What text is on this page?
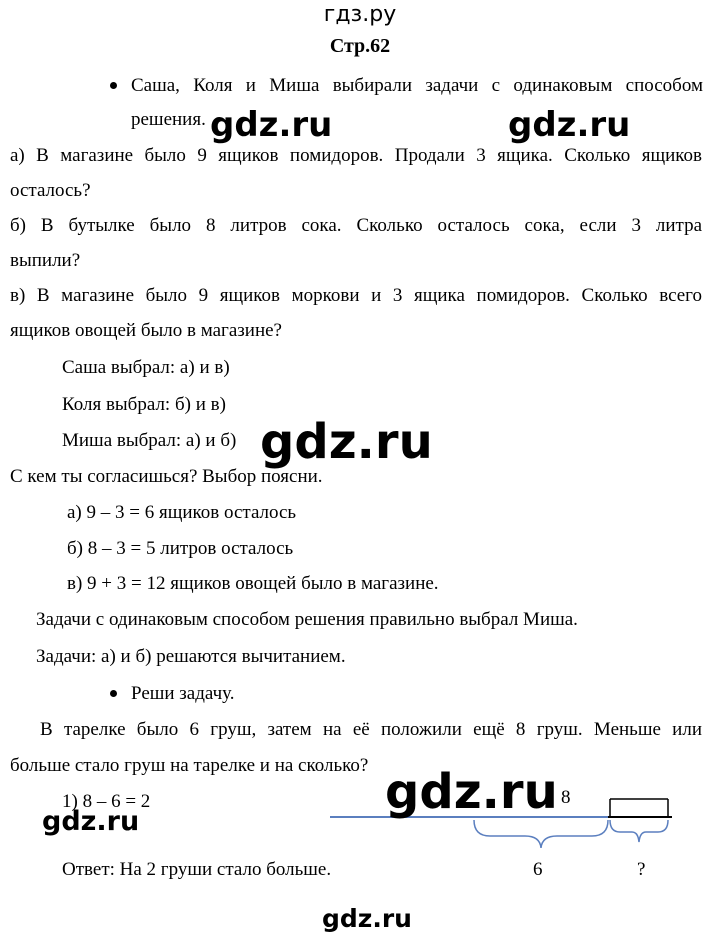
гдз.ру
Стр.62
Саша, Коля и Миша выбирали задачи с одинаковым способом
решения.
а) В магазине было 9 ящиков помидоров. Продали 3 ящика. Сколько ящиков
осталось?
б) В бутылке было 8 литров сока. Сколько осталось сока, если 3 литра
выпили?
в) В магазине было 9 ящиков моркови и 3 ящика помидоров. Сколько всего
ящиков овощей было в магазине?
Саша выбрал: а) и в)
Коля выбрал: б) и в)
Миша выбрал: а) и б)
С кем ты согласишься? Выбор поясни.
а) 9 – 3 = 6 ящиков осталось
б) 8 – 3 = 5 литров осталось
в) 9 + 3 = 12 ящиков овощей было в магазине.
Задачи с одинаковым способом решения правильно выбрал Миша.
Задачи: а) и б) решаются вычитанием.
Реши задачу.
В тарелке было 6 груш, затем на её положили ещё 8 груш. Меньше или
больше стало груш на тарелке и на сколько?
1) 8 – 6 = 2
Ответ: На 2 груши стало больше.
8
6	?
gdz.ru	gdz.ru
gdz.ru
gdz.ru
gdz.ru
gdz.ru
